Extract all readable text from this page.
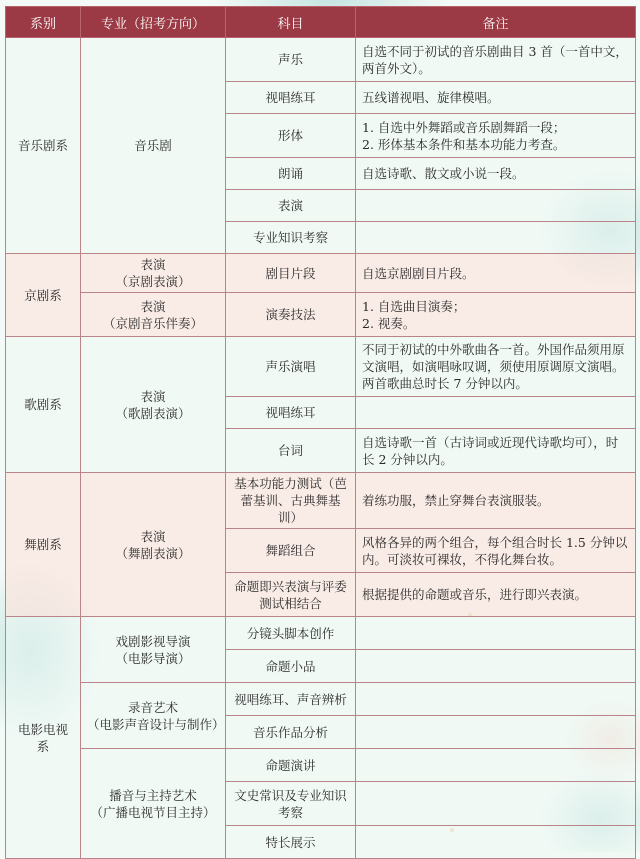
系别	专业（招考方向）	科目	备注
音乐剧系	音乐剧	声乐	自选不同于初试的音乐剧曲目 3 首（一首中文，两首外文）。
		视唱练耳	五线谱视唱、旋律模唱。
		形体	1. 自选中外舞蹈或音乐剧舞蹈一段；
2. 形体基本条件和基本功能力考查。

		朗诵	自选诗歌、散文或小说一段。
		表演	
		专业知识考察	
京剧系	表演
（京剧表演）	剧目片段	自选京剧剧目片段。

	表演
（京剧音乐伴奏）	演奏技法	1. 自选曲目演奏；
2. 视奏。

歌剧系	表演
（歌剧表演）	声乐演唱	不同于初试的中外歌曲各一首。外国作品须用原文演唱，如演唱咏叹调，须使用原调原文演唱。两首歌曲总时长 7 分钟以内。
		视唱练耳	
		台词	自选诗歌一首（古诗词或近现代诗歌均可），时长 2 分钟以内。
舞剧系	表演
（舞剧表演）	基本功能力测试（芭蕾基训、古典舞基训）	着练功服，禁止穿舞台表演服装。
		舞蹈组合	风格各异的两个组合，每个组合时长 1.5 分钟以内。可淡妆可裸妆，不得化舞台妆。
		命题即兴表演与评委测试相结合	根据提供的命题或音乐，进行即兴表演。
电影电视系	戏剧影视导演
（电影导演）	分镜头脚本创作	
		命题小品	

	录音艺术
（电影声音设计与制作）	视唱练耳、声音辨析	
		音乐作品分析	

	播音与主持艺术
（广播电视节目主持）	命题演讲	
		文史常识及专业知识考察	
		特长展示	
